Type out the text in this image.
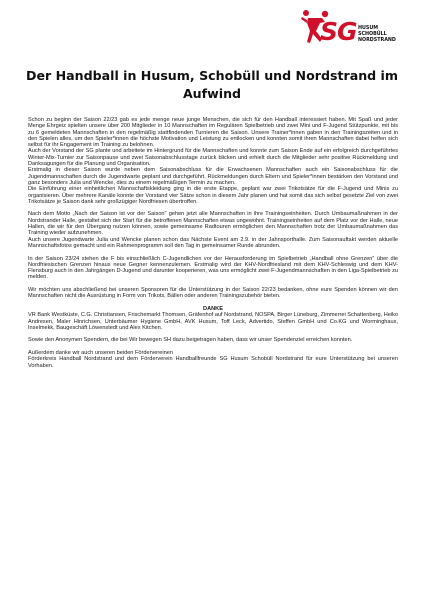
SG HUSUM
SCHOBÜLL
NORDSTRAND
Der Handball in Husum, Schobüll und Nordstrand im Aufwind

Schon zu beginn der Saison 22/23 gab es jede menge neue junge Menschen, die sich für den Handball interessiert haben. Mit Spaß und jeder Menge Ehrgeiz spielten unsere über 200 Mitglieder in 10 Mannschaften im Regulären Spielbetrieb und zwei Mini und F-Jugend Stützpunkte, mit bis zu 6 gemeldeten Mannschaften in den regelmäßig stattfindenden Turnieren die Saison. Unsere Trainer*innen gaben in den Trainingszeiten und in den Spielen alles, um den Spieler*innen die höchste Motivation und Leistung zu entlocken und konnten somit ihren Mannschaften dabei helfen sich selbst für ihr Engagement im Training zu belohnen.

Auch der Vorstand der SG plante und arbeitete im Hintergrund für die Mannschaften und konnte zum Saison Ende auf ein erfolgreich durchgeführtes Winter-Mix-Turnier zur Saisonpause und zwei Saisonabschlusstage zurück blicken und erhielt durch die Mitglieder sehr positive Rückmeldung und Danksagungen für die Planung und Organisation.

Erstmalig in dieser Saison wurde neben dem Saisonabschluss für die Erwachsenen Mannschaften auch ein Saisonabschluss für die Jugendmannschaften durch die Jugendwarte geplant und durchgeführt. Rückmeldungen durch Eltern und Spieler*innen bestärken den Vorstand und ganz besonders Julia und Wencke, dies zu einem regelmäßigen Termin zu machen.

Die Einführung einer einheitlichen Mannschaftskleidung ging in die erste Etappe, geplant war zwei Trikotsätze für die F-Jugend und Minis zu organisieren. Über mehrere Kanäle konnte der Vorstand vier Sätze schon in diesem Jahr planen und hat somit das sich selbst gesetzte Ziel von zwei Trikotsätze je Saison dank sehr großzügiger Nordfriesen übertroffen.

Nach dem Motto „Nach der Saison ist vor der Saison" gehen jetzt alle Mannschaften in ihre Trainingseinheiten. Durch Umbaumaßnahmen in der Nordstrander Halle, gestaltet sich der Start für die betroffenen Mannschaften etwas ungewohnt. Trainingseinheiten auf dem Platz vor der Halle, neue Hallen, die wir für den Übergang nutzen können, sowie gemeinsame Radtouren ermöglichen den Mannschaften trotz der Umbaumaßnahmen das Training wieder aufzunehmen.

Auch unsere Jugendwarte Julia und Wencke planen schon das Nächste Event am 2.9. in der Jahnsporthalle. Zum Saisonauftakt werden aktuelle Mannschaftsfotos gemacht und ein Rahmenprogramm soll den Tag in gemeinsamer Runde abrunden.

In der Saison 23/24 stehen die F bis einschließlich C-Jugendlichen vor der Herausforderung im Spielbetrieb „Handball ohne Grenzen" über die Nordfriesischen Grenzen hinaus neue Gegner kennenzulernen. Erstmalig wird der KHV-Nordfriesland mit dem KHV-Schleswig und dem KHV-Flensburg auch in den Jahrgängen D-Jugend und darunter kooperieren, was uns ermöglicht zwei F-Jugendmannschaften in den Liga-Spielbetrieb zu melden.

Wir möchten uns abschließend bei unseren Sponsoren für die Unterstützung in der Saison 22/23 bedanken, ohne eure Spenden können wir den Mannschaften nicht die Ausrüstung in Form von Trikots, Bällen oder anderen Trainingszubehör bieten.

DANKE

VR Bank Westküste, C.G. Christiansen, Frischemarkt Thomsen, Gräfenhof auf Nordstrand, NOSPA, Birger Lüneburg, Zimmerrei Schattenberg, Heiko Andresen, Maler Hinrichsen, Unterbäumer Hygiene GmbH, AVK Husum, Toff Leck, Advertido, Steffen GmbH und Co.KG und Worminghaus, Inselmekk, Baugeschäft Löwenstedt und Alex Kitchen.

Sowie den Anonymen Spendern, die bei Wir bewegen SH dazu beigetragen haben, dass wir unser Spendenziel erreichen konnten.

Außerdem danke wir auch unseren beiden Fördervereinen

Förderkreis Handball Nordstrand und dem Förderverein Handballfreunde SG Husum Schobüll Nordstrand für eure Unterstützung bei unseren Vorhaben.
